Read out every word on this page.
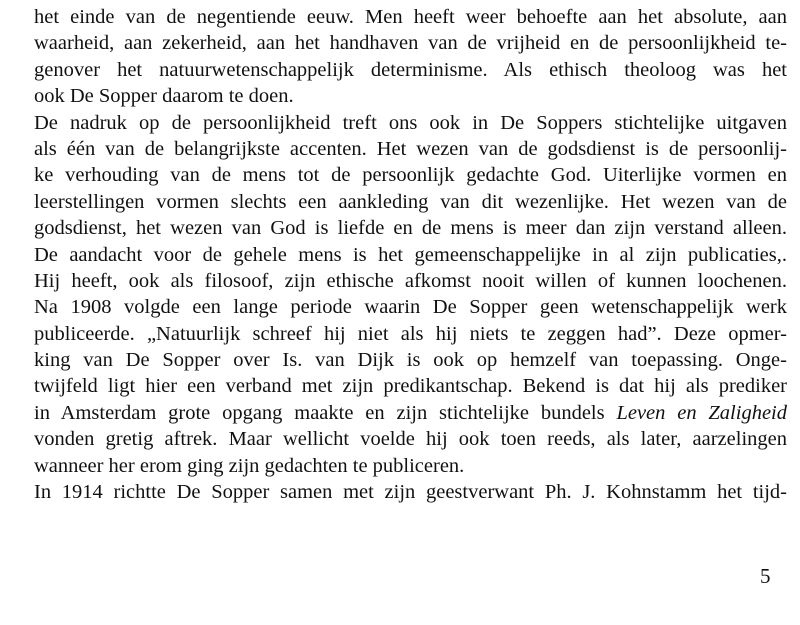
het einde van de negentiende eeuw. Men heeft weer behoefte aan het absolute, aan
waarheid, aan zekerheid, aan het handhaven van de vrijheid en de persoonlijkheid te-
genover het natuurwetenschappelijk determinisme. Als ethisch theoloog was het
ook De Sopper daarom te doen.
De nadruk op de persoonlijkheid treft ons ook in De Soppers stichtelijke uitgaven
als één van de belangrijkste accenten. Het wezen van de godsdienst is de persoonlij-
ke verhouding van de mens tot de persoonlijk gedachte God. Uiterlijke vormen en
leerstellingen vormen slechts een aankleding van dit wezenlijke. Het wezen van de
godsdienst, het wezen van God is liefde en de mens is meer dan zijn verstand alleen.
De aandacht voor de gehele mens is het gemeenschappelijke in al zijn publicaties,.
Hij heeft, ook als filosoof, zijn ethische afkomst nooit willen of kunnen loochenen.
Na 1908 volgde een lange periode waarin De Sopper geen wetenschappelijk werk
publiceerde. „Natuurlijk schreef hij niet als hij niets te zeggen had”. Deze opmer-
king van De Sopper over Is. van Dijk is ook op hemzelf van toepassing. Onge-
twijfeld ligt hier een verband met zijn predikantschap. Bekend is dat hij als prediker
in Amsterdam grote opgang maakte en zijn stichtelijke bundels Leven en Zaligheid
vonden gretig aftrek. Maar wellicht voelde hij ook toen reeds, als later, aarzelingen
wanneer her erom ging zijn gedachten te publiceren.
In 1914 richtte De Sopper samen met zijn geestverwant Ph. J. Kohnstamm het tijd-
5
